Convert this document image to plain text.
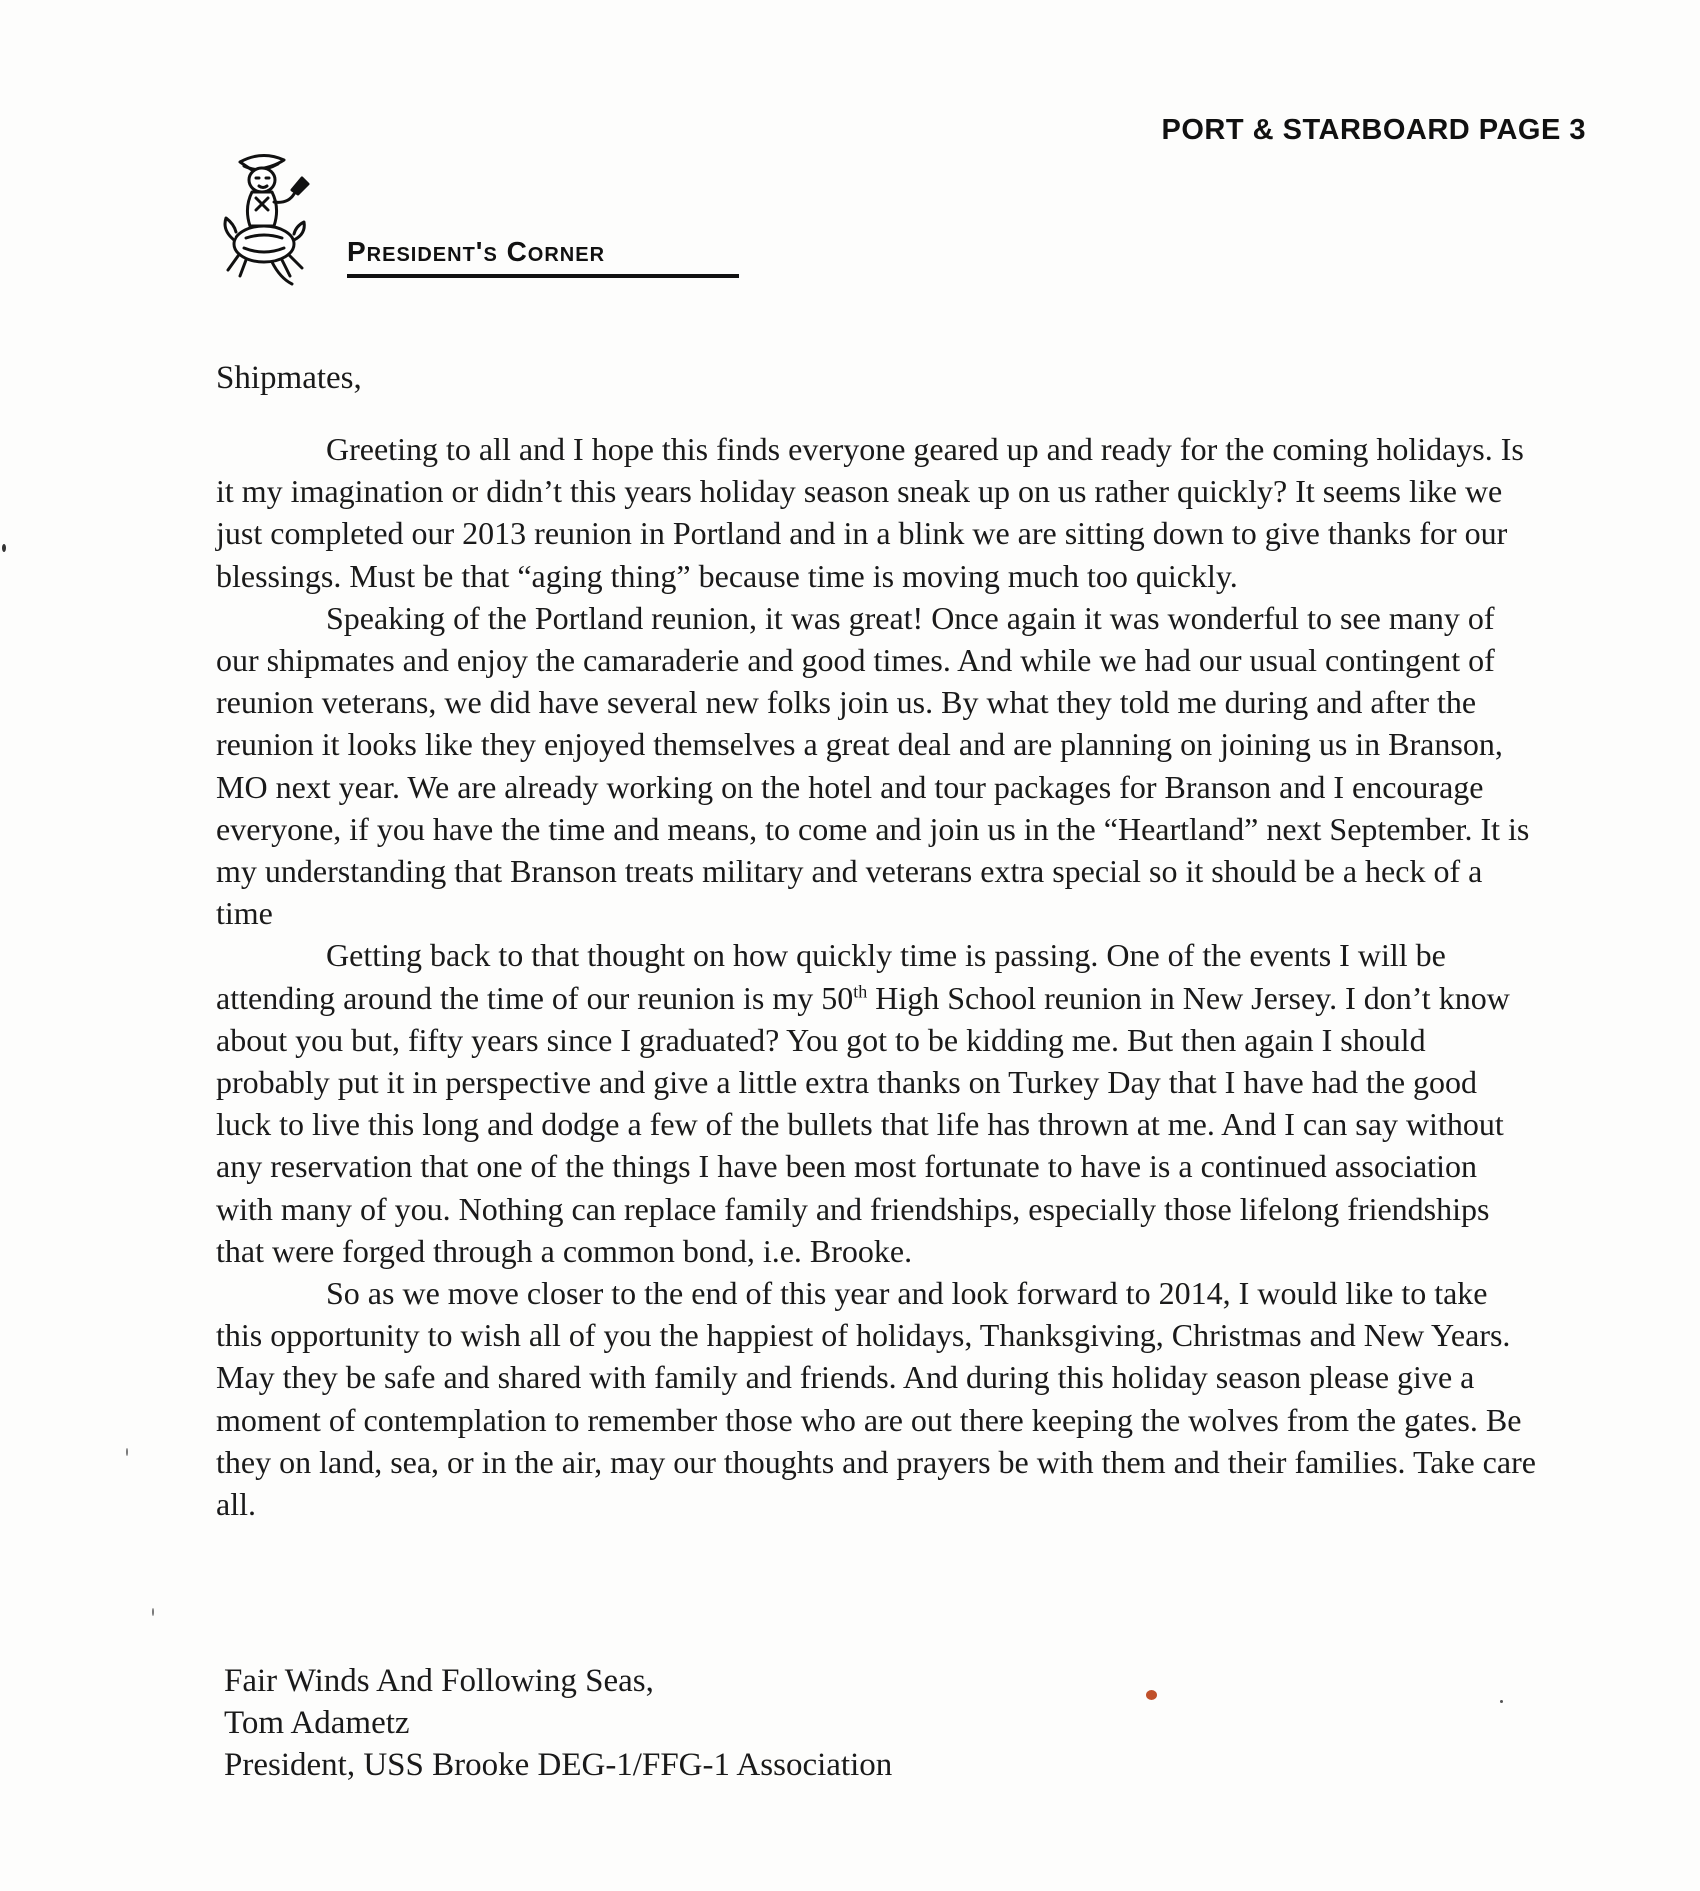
PORT & STARBOARD PAGE 3
President's Corner
Shipmates,

Greeting to all and I hope this finds everyone geared up and ready for the coming holidays. Is it my imagination or didn’t this years holiday season sneak up on us rather quickly? It seems like we just completed our 2013 reunion in Portland and in a blink we are sitting down to give thanks for our blessings. Must be that “aging thing” because time is moving much too quickly.

Speaking of the Portland reunion, it was great! Once again it was wonderful to see many of our shipmates and enjoy the camaraderie and good times. And while we had our usual contingent of reunion veterans, we did have several new folks join us. By what they told me during and after the reunion it looks like they enjoyed themselves a great deal and are planning on joining us in Branson, MO next year. We are already working on the hotel and tour packages for Branson and I encourage everyone, if you have the time and means, to come and join us in the “Heartland” next September. It is my understanding that Branson treats military and veterans extra special so it should be a heck of a time

Getting back to that thought on how quickly time is passing. One of the events I will be attending around the time of our reunion is my 50th High School reunion in New Jersey. I don’t know about you but, fifty years since I graduated? You got to be kidding me. But then again I should probably put it in perspective and give a little extra thanks on Turkey Day that I have had the good luck to live this long and dodge a few of the bullets that life has thrown at me. And I can say without any reservation that one of the things I have been most fortunate to have is a continued association with many of you. Nothing can replace family and friendships, especially those lifelong friendships that were forged through a common bond, i.e. Brooke.

So as we move closer to the end of this year and look forward to 2014, I would like to take this opportunity to wish all of you the happiest of holidays, Thanksgiving, Christmas and New Years. May they be safe and shared with family and friends. And during this holiday season please give a moment of contemplation to remember those who are out there keeping the wolves from the gates. Be they on land, sea, or in the air, may our thoughts and prayers be with them and their families. Take care all.

Fair Winds And Following Seas,
Tom Adametz
President, USS Brooke DEG-1/FFG-1 Association
